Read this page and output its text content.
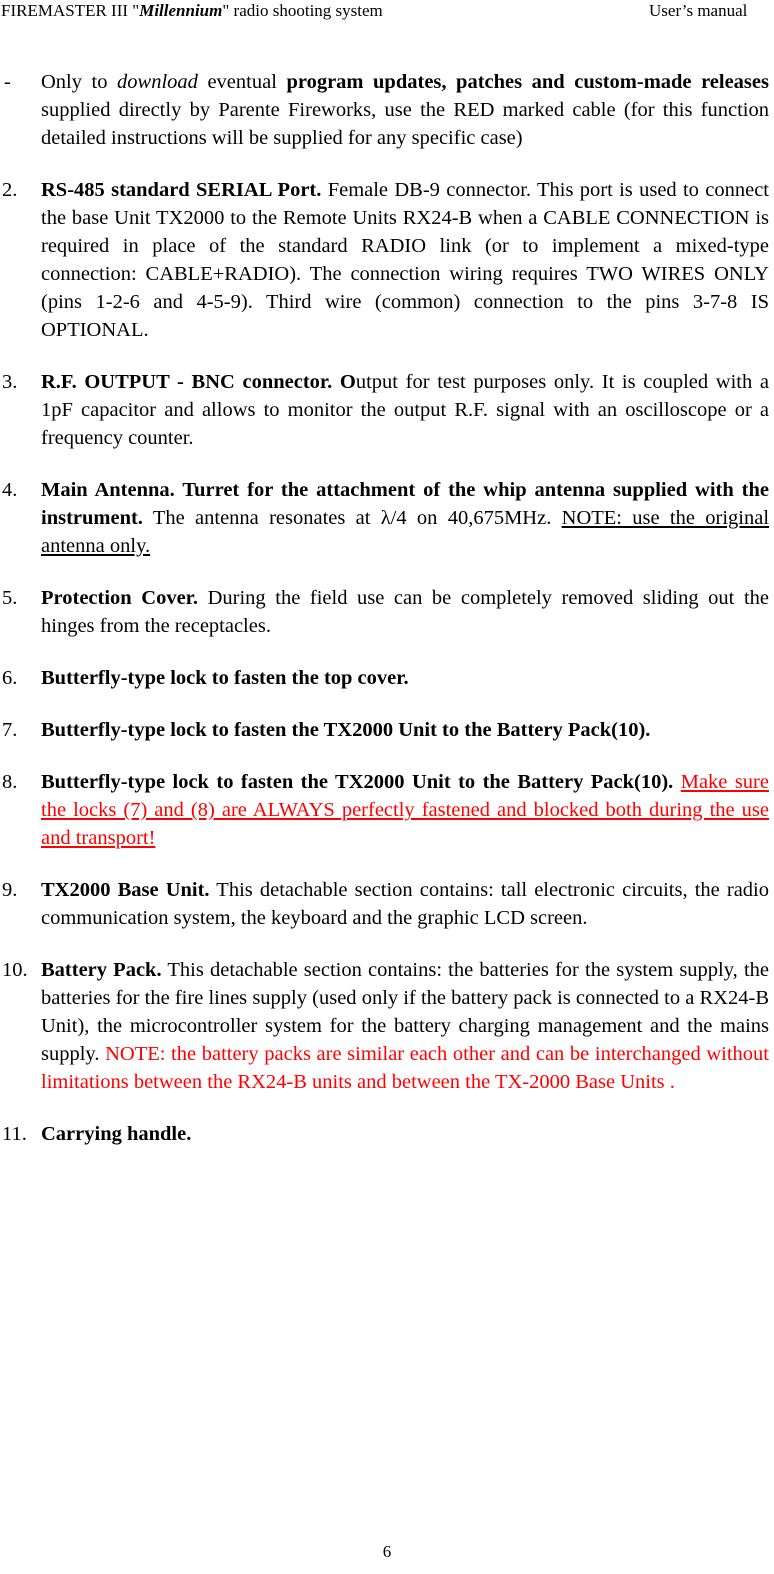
FIREMASTER III "Millennium" radio shooting system	User’s manual
- Only to download eventual program updates, patches and custom-made releases supplied directly by Parente Fireworks, use the RED marked cable (for this function detailed instructions will be supplied for any specific case)
2. RS-485 standard SERIAL Port. Female DB-9 connector. This port is used to connect the base Unit TX2000 to the Remote Units RX24-B when a CABLE CONNECTION is required in place of the standard RADIO link (or to implement a mixed-type connection: CABLE+RADIO). The connection wiring requires TWO WIRES ONLY (pins 1-2-6 and 4-5-9). Third wire (common) connection to the pins 3-7-8 IS OPTIONAL.
3. R.F. OUTPUT - BNC connector. Output for test purposes only. It is coupled with a 1pF capacitor and allows to monitor the output R.F. signal with an oscilloscope or a frequency counter.
4. Main Antenna. Turret for the attachment of the whip antenna supplied with the instrument. The antenna resonates at λ/4 on 40,675MHz. NOTE: use the original antenna only.
5. Protection Cover. During the field use can be completely removed sliding out the hinges from the receptacles.
6. Butterfly-type lock to fasten the top cover.
7. Butterfly-type lock to fasten the TX2000 Unit to the Battery Pack(10).
8. Butterfly-type lock to fasten the TX2000 Unit to the Battery Pack(10). Make sure the locks (7) and (8) are ALWAYS perfectly fastened and blocked both during the use and transport!
9. TX2000 Base Unit. This detachable section contains: tall electronic circuits, the radio communication system, the keyboard and the graphic LCD screen.
10. Battery Pack. This detachable section contains: the batteries for the system supply, the batteries for the fire lines supply (used only if the battery pack is connected to a RX24-B Unit), the microcontroller system for the battery charging management and the mains supply. NOTE: the battery packs are similar each other and can be interchanged without limitations between the RX24-B units and between the TX-2000 Base Units .
11. Carrying handle.
6
